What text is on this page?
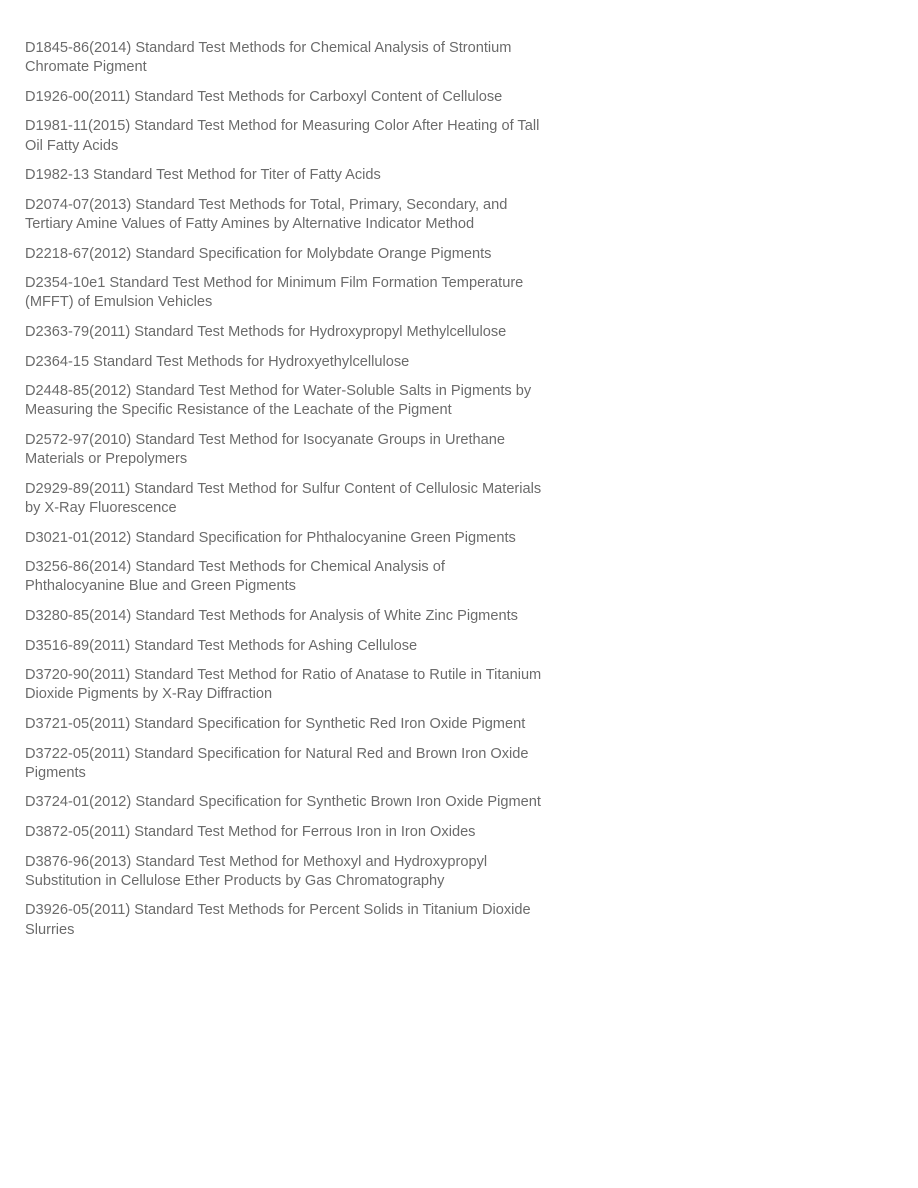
D1845-86(2014) Standard Test Methods for Chemical Analysis of Strontium Chromate Pigment

D1926-00(2011) Standard Test Methods for Carboxyl Content of Cellulose

D1981-11(2015) Standard Test Method for Measuring Color After Heating of Tall Oil Fatty Acids

D1982-13 Standard Test Method for Titer of Fatty Acids

D2074-07(2013) Standard Test Methods for Total, Primary, Secondary, and Tertiary Amine Values of Fatty Amines by Alternative Indicator Method

D2218-67(2012) Standard Specification for Molybdate Orange Pigments

D2354-10e1 Standard Test Method for Minimum Film Formation Temperature (MFFT) of Emulsion Vehicles

D2363-79(2011) Standard Test Methods for Hydroxypropyl Methylcellulose

D2364-15 Standard Test Methods for Hydroxyethylcellulose

D2448-85(2012) Standard Test Method for Water-Soluble Salts in Pigments by Measuring the Specific Resistance of the Leachate of the Pigment

D2572-97(2010) Standard Test Method for Isocyanate Groups in Urethane Materials or Prepolymers

D2929-89(2011) Standard Test Method for Sulfur Content of Cellulosic Materials by X-Ray Fluorescence

D3021-01(2012) Standard Specification for Phthalocyanine Green Pigments

D3256-86(2014) Standard Test Methods for Chemical Analysis of Phthalocyanine Blue and Green Pigments

D3280-85(2014) Standard Test Methods for Analysis of White Zinc Pigments

D3516-89(2011) Standard Test Methods for Ashing Cellulose

D3720-90(2011) Standard Test Method for Ratio of Anatase to Rutile in Titanium Dioxide Pigments by X-Ray Diffraction

D3721-05(2011) Standard Specification for Synthetic Red Iron Oxide Pigment

D3722-05(2011) Standard Specification for Natural Red and Brown Iron Oxide Pigments

D3724-01(2012) Standard Specification for Synthetic Brown Iron Oxide Pigment

D3872-05(2011) Standard Test Method for Ferrous Iron in Iron Oxides

D3876-96(2013) Standard Test Method for Methoxyl and Hydroxypropyl Substitution in Cellulose Ether Products by Gas Chromatography

D3926-05(2011) Standard Test Methods for Percent Solids in Titanium Dioxide Slurries
